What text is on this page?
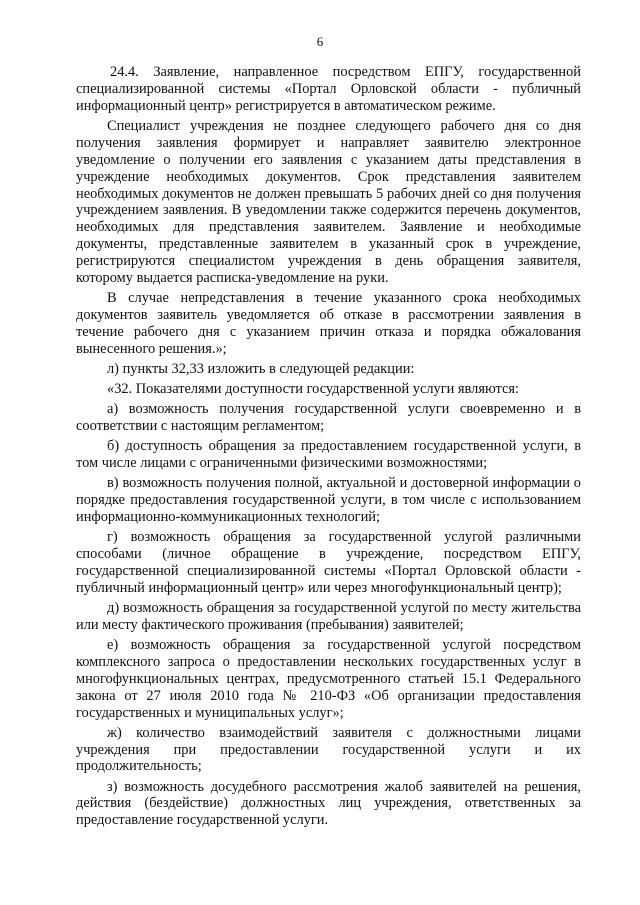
6

24.4. Заявление, направленное посредством ЕПГУ, государственной специализированной системы «Портал Орловской области - публичный информационный центр» регистрируется в автоматическом режиме.

Специалист учреждения не позднее следующего рабочего дня со дня получения заявления формирует и направляет заявителю электронное уведомление о получении его заявления с указанием даты представления в учреждение необходимых документов. Срок представления заявителем необходимых документов не должен превышать 5 рабочих дней со дня получения учреждением заявления. В уведомлении также содержится перечень документов, необходимых для представления заявителем. Заявление и необходимые документы, представленные заявителем в указанный срок в учреждение, регистрируются специалистом учреждения в день обращения заявителя, которому выдается расписка-уведомление на руки.

В случае непредставления в течение указанного срока необходимых документов заявитель уведомляется об отказе в рассмотрении заявления в течение рабочего дня с указанием причин отказа и порядка обжалования вынесенного решения.»;

л) пункты 32,33 изложить в следующей редакции:

«32. Показателями доступности государственной услуги являются:

а) возможность получения государственной услуги своевременно и в соответствии с настоящим регламентом;

б) доступность обращения за предоставлением государственной услуги, в том числе лицами с ограниченными физическими возможностями;

в) возможность получения полной, актуальной и достоверной информации о порядке предоставления государственной услуги, в том числе с использованием информационно-коммуникационных технологий;

г) возможность обращения за государственной услугой различными способами (личное обращение в учреждение, посредством ЕПГУ, государственной специализированной системы «Портал Орловской области - публичный информационный центр» или через многофункциональный центр);

д) возможность обращения за государственной услугой по месту жительства или месту фактического проживания (пребывания) заявителей;

е) возможность обращения за государственной услугой посредством комплексного запроса о предоставлении нескольких государственных услуг в многофункциональных центрах, предусмотренного статьей 15.1 Федерального закона от 27 июля 2010 года № 210-ФЗ «Об организации предоставления государственных и муниципальных услуг»;

ж) количество взаимодействий заявителя с должностными лицами учреждения при предоставлении государственной услуги и их продолжительность;

з) возможность досудебного рассмотрения жалоб заявителей на решения, действия (бездействие) должностных лиц учреждения, ответственных за предоставление государственной услуги.
